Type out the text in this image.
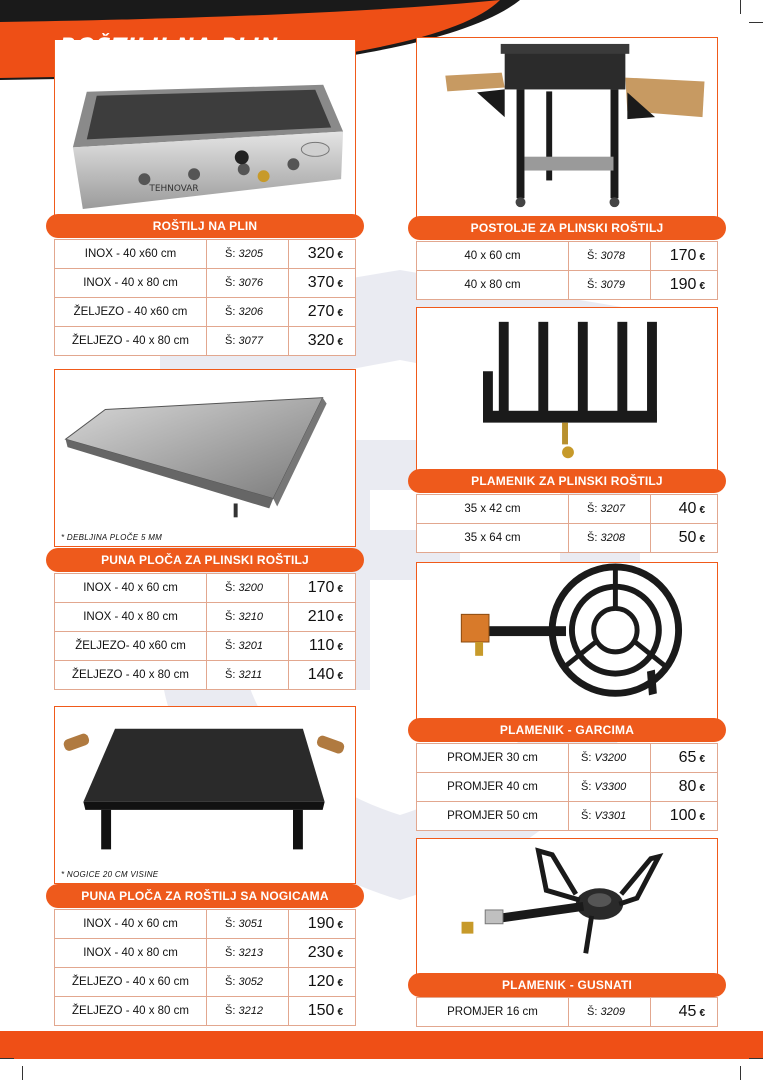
TEHNOVAR
ROŠTILJ NA PLIN
INOX - 40 x60 cm	Š: 3205	320 €
INOX - 40 x 80 cm	Š: 3076	370 €
ŽELJEZO - 40 x60 cm	Š: 3206	270 €
ŽELJEZO - 40 x 80 cm	Š: 3077	320 €
POSTOLJE ZA PLINSKI ROŠTILJ
40 x 60 cm	Š: 3078	170 €
40 x 80 cm	Š: 3079	190 €
* DEBLJINA PLOČE 5 MM
PUNA PLOČA ZA PLINSKI ROŠTILJ
INOX - 40 x 60 cm	Š: 3200	170 €
INOX - 40 x 80 cm	Š: 3210	210 €
ŽELJEZO- 40 x60 cm	Š: 3201	110 €
ŽELJEZO - 40 x 80 cm	Š: 3211	140 €
PLAMENIK ZA PLINSKI ROŠTILJ
35 x 42 cm	Š: 3207	40 €
35 x 64 cm	Š: 3208	50 €
PLAMENIK - GARCIMA
PROMJER 30 cm	Š: V3200	65 €
PROMJER 40 cm	Š: V3300	80 €
PROMJER 50 cm	Š: V3301	100 €
* NOGICE 20 CM VISINE
PUNA PLOČA ZA ROŠTILJ SA NOGICAMA
INOX - 40 x 60 cm	Š: 3051	190 €
INOX - 40 x 80 cm	Š: 3213	230 €
ŽELJEZO - 40 x 60 cm	Š: 3052	120 €
ŽELJEZO - 40 x 80 cm	Š: 3212	150 €
PLAMENIK - GUSNATI
PROMJER 16 cm	Š: 3209	45 €
